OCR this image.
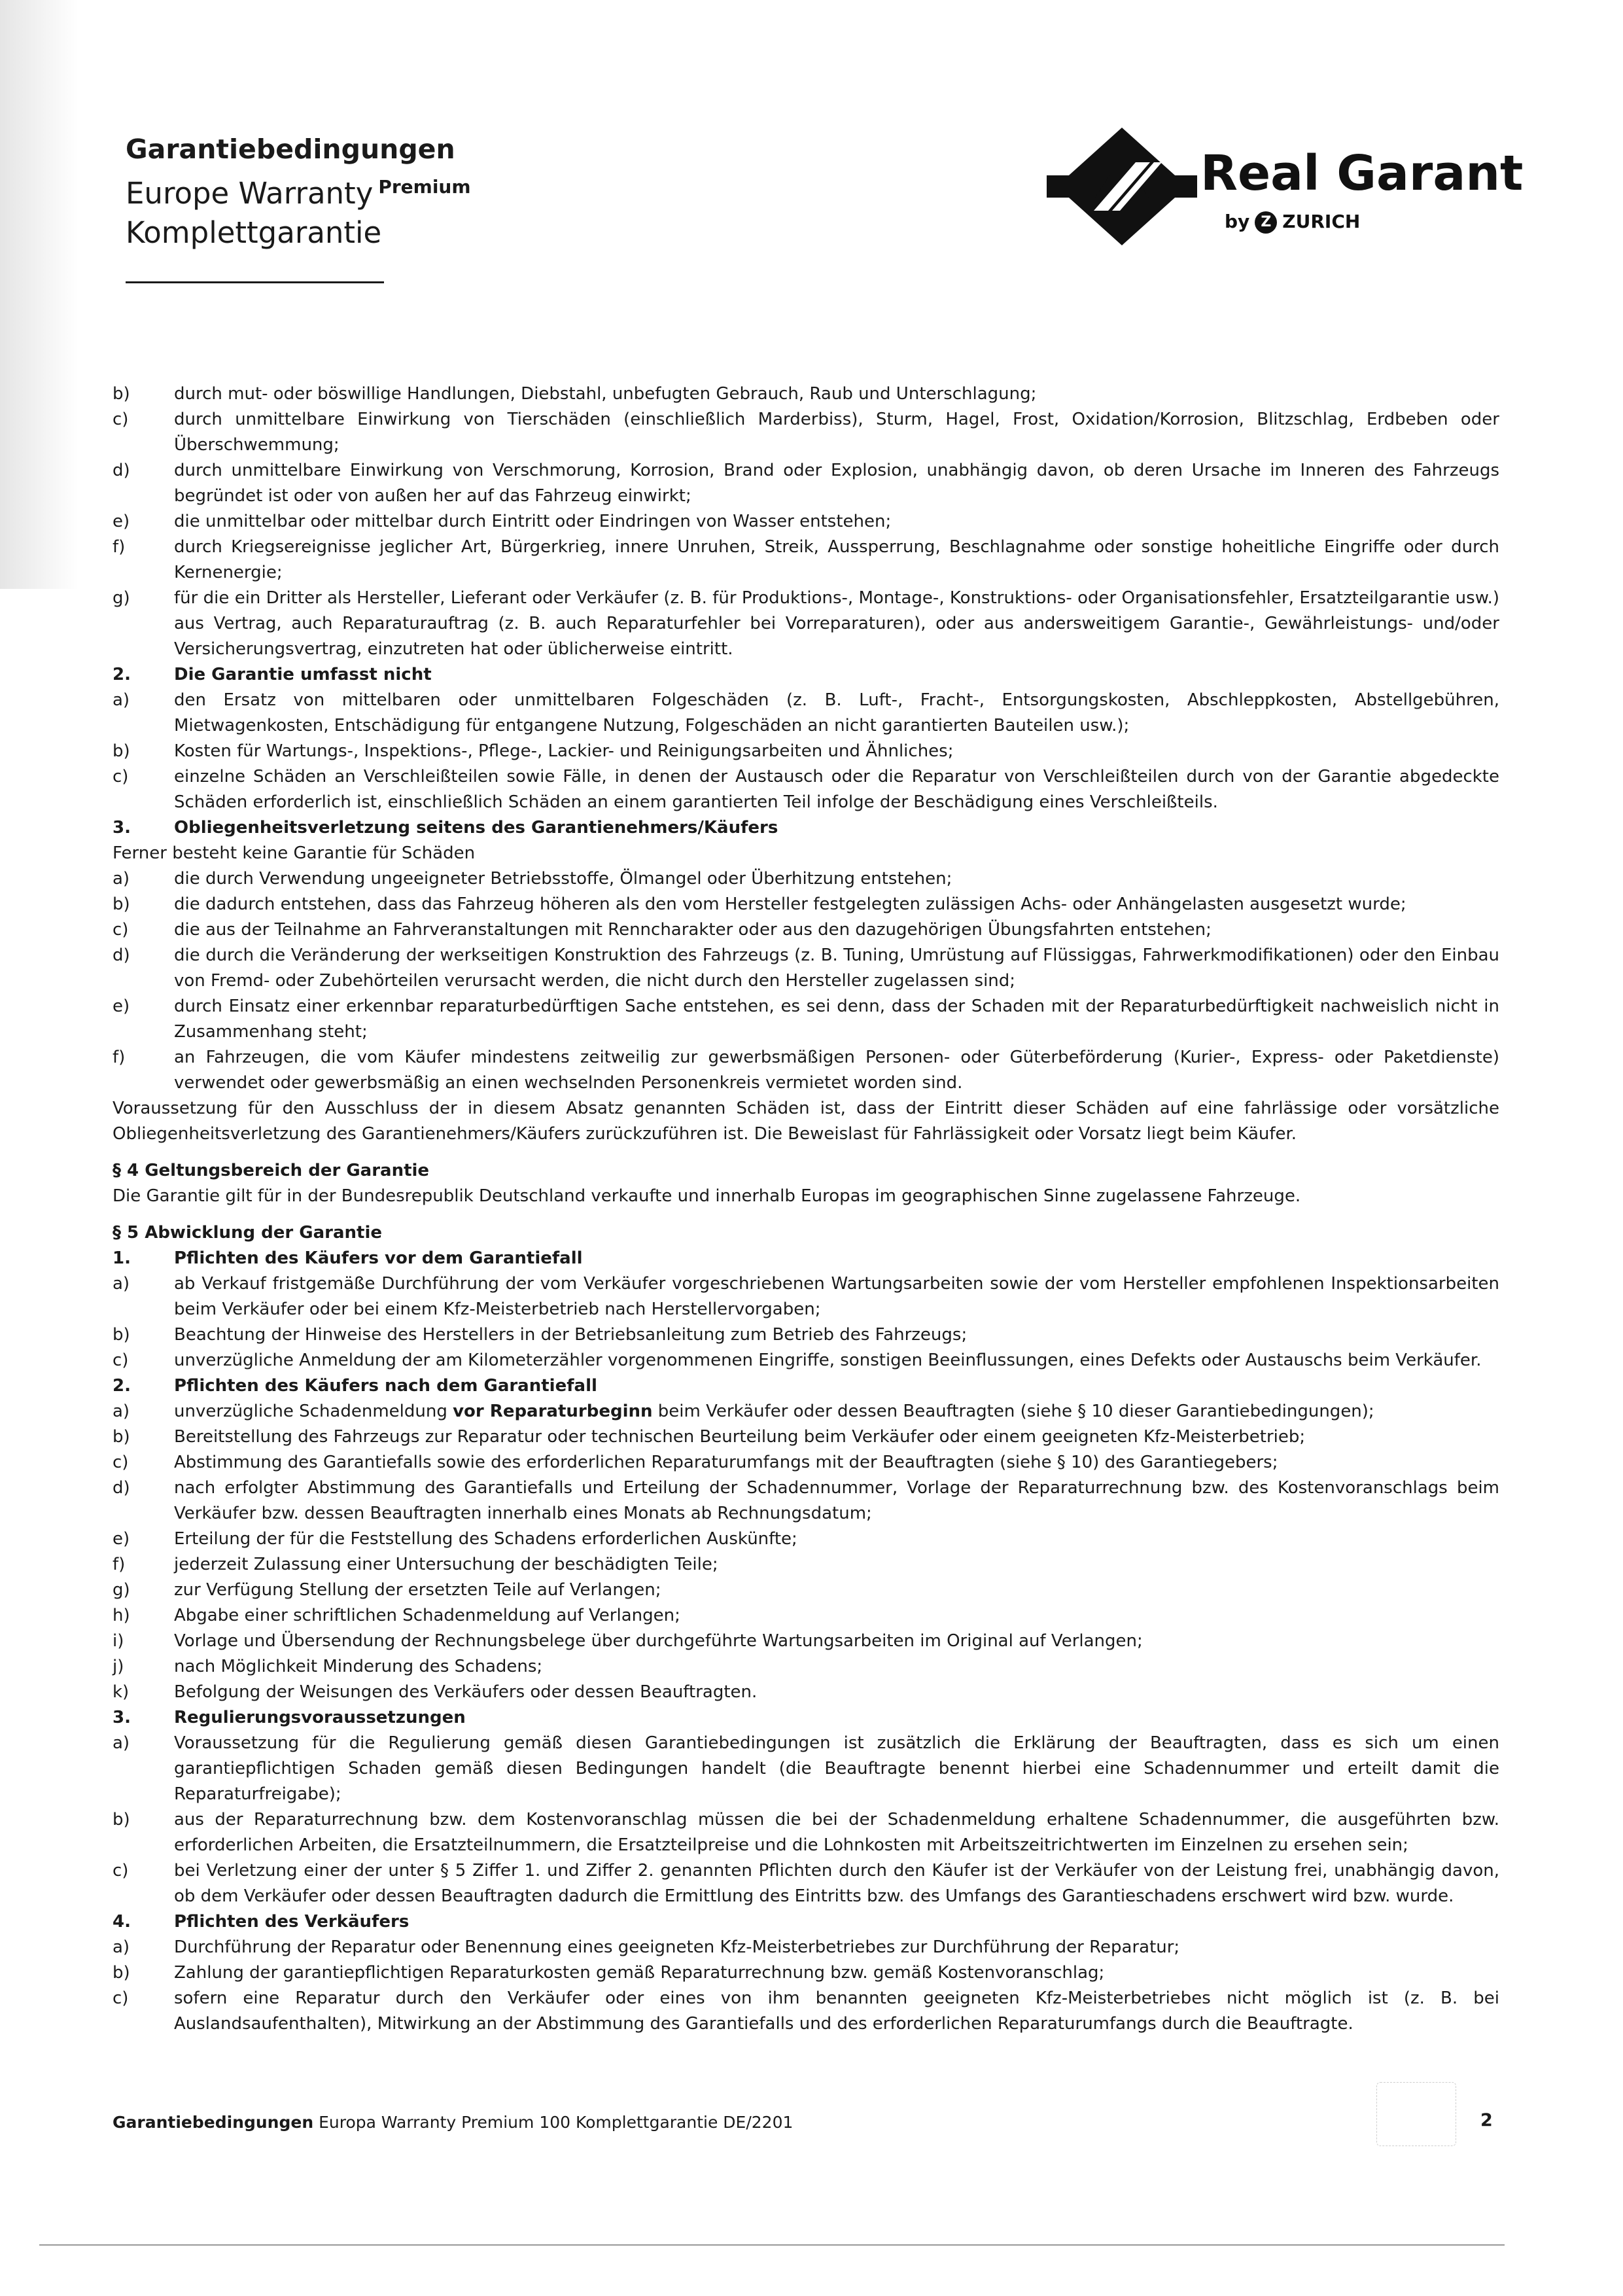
Garantiebedingungen
Europe Warranty $^{Premium}$
Komplettgarantie
Real Garant
by Z ZURICH
b)	durch mut- oder böswillige Handlungen, Diebstahl, unbefugten Gebrauch, Raub und Unterschlagung;
c)	durch unmittelbare Einwirkung von Tierschäden (einschließlich Marderbiss), Sturm, Hagel, Frost, Oxidation/Korrosion, Blitzschlag, Erdbeben oder Überschwemmung;
d)	durch unmittelbare Einwirkung von Verschmorung, Korrosion, Brand oder Explosion, unabhängig davon, ob deren Ursache im Inneren des Fahrzeugs begründet ist oder von außen her auf das Fahrzeug einwirkt;
e)	die unmittelbar oder mittelbar durch Eintritt oder Eindringen von Wasser entstehen;
f)	durch Kriegsereignisse jeglicher Art, Bürgerkrieg, innere Unruhen, Streik, Aussperrung, Beschlagnahme oder sonstige hoheitliche Eingriffe oder durch Kernenergie;
g)	für die ein Dritter als Hersteller, Lieferant oder Verkäufer (z. B. für Produktions-, Montage-, Konstruktions- oder Organisationsfehler, Ersatzteilgarantie usw.) aus Vertrag, auch Reparaturauftrag (z. B. auch Reparaturfehler bei Vorreparaturen), oder aus andersweitigem Garantie-, Gewährleistungs- und/oder Versicherungsvertrag, einzutreten hat oder üblicherweise eintritt.
2.	Die Garantie umfasst nicht
a)	den Ersatz von mittelbaren oder unmittelbaren Folgeschäden (z. B. Luft-, Fracht-, Entsorgungskosten, Abschleppkosten, Abstellgebühren, Mietwagenkosten, Entschädigung für entgangene Nutzung, Folgeschäden an nicht garantierten Bauteilen usw.);
b)	Kosten für Wartungs-, Inspektions-, Pflege-, Lackier- und Reinigungsarbeiten und Ähnliches;
c)	einzelne Schäden an Verschleißteilen sowie Fälle, in denen der Austausch oder die Reparatur von Verschleißteilen durch von der Garantie abgedeckte Schäden erforderlich ist, einschließlich Schäden an einem garantierten Teil infolge der Beschädigung eines Verschleißteils.
3.	Obliegenheitsverletzung seitens des Garantienehmers/Käufers
Ferner besteht keine Garantie für Schäden
a)	die durch Verwendung ungeeigneter Betriebsstoffe, Ölmangel oder Überhitzung entstehen;
b)	die dadurch entstehen, dass das Fahrzeug höheren als den vom Hersteller festgelegten zulässigen Achs- oder Anhängelasten ausgesetzt wurde;
c)	die aus der Teilnahme an Fahrveranstaltungen mit Renncharakter oder aus den dazugehörigen Übungsfahrten entstehen;
d)	die durch die Veränderung der werkseitigen Konstruktion des Fahrzeugs (z. B. Tuning, Umrüstung auf Flüssiggas, Fahrwerkmodifikationen) oder den Einbau von Fremd- oder Zubehörteilen verursacht werden, die nicht durch den Hersteller zugelassen sind;
e)	durch Einsatz einer erkennbar reparaturbedürftigen Sache entstehen, es sei denn, dass der Schaden mit der Reparaturbedürftigkeit nachweislich nicht in Zusammenhang steht;
f)	an Fahrzeugen, die vom Käufer mindestens zeitweilig zur gewerbsmäßigen Personen- oder Güterbeförderung (Kurier-, Express- oder Paketdienste) verwendet oder gewerbsmäßig an einen wechselnden Personenkreis vermietet worden sind.
Voraussetzung für den Ausschluss der in diesem Absatz genannten Schäden ist, dass der Eintritt dieser Schäden auf eine fahrlässige oder vorsätzliche Obliegenheitsverletzung des Garantienehmers/Käufers zurückzuführen ist. Die Beweislast für Fahrlässigkeit oder Vorsatz liegt beim Käufer.
§ 4 Geltungsbereich der Garantie
Die Garantie gilt für in der Bundesrepublik Deutschland verkaufte und innerhalb Europas im geographischen Sinne zugelassene Fahrzeuge.
§ 5 Abwicklung der Garantie
1.	Pflichten des Käufers vor dem Garantiefall
a)	ab Verkauf fristgemäße Durchführung der vom Verkäufer vorgeschriebenen Wartungsarbeiten sowie der vom Hersteller empfohlenen Inspektionsarbeiten beim Verkäufer oder bei einem Kfz-Meisterbetrieb nach Herstellervorgaben;
b)	Beachtung der Hinweise des Herstellers in der Betriebsanleitung zum Betrieb des Fahrzeugs;
c)	unverzügliche Anmeldung der am Kilometerzähler vorgenommenen Eingriffe, sonstigen Beeinflussungen, eines Defekts oder Austauschs beim Verkäufer.
2.	Pflichten des Käufers nach dem Garantiefall
a)	unverzügliche Schadenmeldung vor Reparaturbeginn beim Verkäufer oder dessen Beauftragten (siehe § 10 dieser Garantiebedingungen);
b)	Bereitstellung des Fahrzeugs zur Reparatur oder technischen Beurteilung beim Verkäufer oder einem geeigneten Kfz-Meisterbetrieb;
c)	Abstimmung des Garantiefalls sowie des erforderlichen Reparaturumfangs mit der Beauftragten (siehe § 10) des Garantiegebers;
d)	nach erfolgter Abstimmung des Garantiefalls und Erteilung der Schadennummer, Vorlage der Reparaturrechnung bzw. des Kostenvoranschlags beim Verkäufer bzw. dessen Beauftragten innerhalb eines Monats ab Rechnungsdatum;
e)	Erteilung der für die Feststellung des Schadens erforderlichen Auskünfte;
f)	jederzeit Zulassung einer Untersuchung der beschädigten Teile;
g)	zur Verfügung Stellung der ersetzten Teile auf Verlangen;
h)	Abgabe einer schriftlichen Schadenmeldung auf Verlangen;
i)	Vorlage und Übersendung der Rechnungsbelege über durchgeführte Wartungsarbeiten im Original auf Verlangen;
j)	nach Möglichkeit Minderung des Schadens;
k)	Befolgung der Weisungen des Verkäufers oder dessen Beauftragten.
3.	Regulierungsvoraussetzungen
a)	Voraussetzung für die Regulierung gemäß diesen Garantiebedingungen ist zusätzlich die Erklärung der Beauftragten, dass es sich um einen garantiepflichtigen Schaden gemäß diesen Bedingungen handelt (die Beauftragte benennt hierbei eine Schadennummer und erteilt damit die Reparaturfreigabe);
b)	aus der Reparaturrechnung bzw. dem Kostenvoranschlag müssen die bei der Schadenmeldung erhaltene Schadennummer, die ausgeführten bzw. erforderlichen Arbeiten, die Ersatzteilnummern, die Ersatzteilpreise und die Lohnkosten mit Arbeitszeitrichtwerten im Einzelnen zu ersehen sein;
c)	bei Verletzung einer der unter § 5 Ziffer 1. und Ziffer 2. genannten Pflichten durch den Käufer ist der Verkäufer von der Leistung frei, unabhängig davon, ob dem Verkäufer oder dessen Beauftragten dadurch die Ermittlung des Eintritts bzw. des Umfangs des Garantieschadens erschwert wird bzw. wurde.
4.	Pflichten des Verkäufers
a)	Durchführung der Reparatur oder Benennung eines geeigneten Kfz-Meisterbetriebes zur Durchführung der Reparatur;
b)	Zahlung der garantiepflichtigen Reparaturkosten gemäß Reparaturrechnung bzw. gemäß Kostenvoranschlag;
c)	sofern eine Reparatur durch den Verkäufer oder eines von ihm benannten geeigneten Kfz-Meisterbetriebes nicht möglich ist (z. B. bei Auslandsaufenthalten), Mitwirkung an der Abstimmung des Garantiefalls und des erforderlichen Reparaturumfangs durch die Beauftragte.
Garantiebedingungen Europa Warranty Premium 100 Komplettgarantie DE/2201	2
